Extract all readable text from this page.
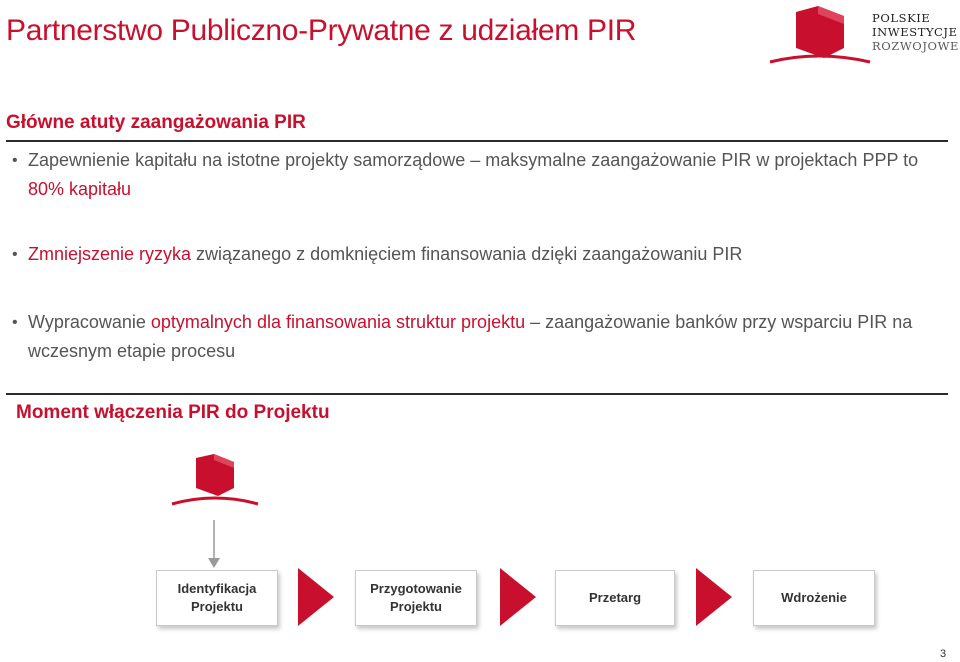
Partnerstwo Publiczno-Prywatne z udziałem PIR	POLSKIE
INWESTYCJE
ROZWOJOWE
Główne atuty zaangażowania PIR
• Zapewnienie kapitału na istotne projekty samorządowe – maksymalne zaangażowanie PIR w projektach PPP to 80% kapitału
• Zmniejszenie ryzyka związanego z domknięciem finansowania dzięki zaangażowaniu PIR
• Wypracowanie optymalnych dla finansowania struktur projektu – zaangażowanie banków przy wsparciu PIR na wczesnym etapie procesu
Moment włączenia PIR do Projektu
Identyfikacja Projektu
Przygotowanie Projektu
Przetarg	Wdrożenie
3
